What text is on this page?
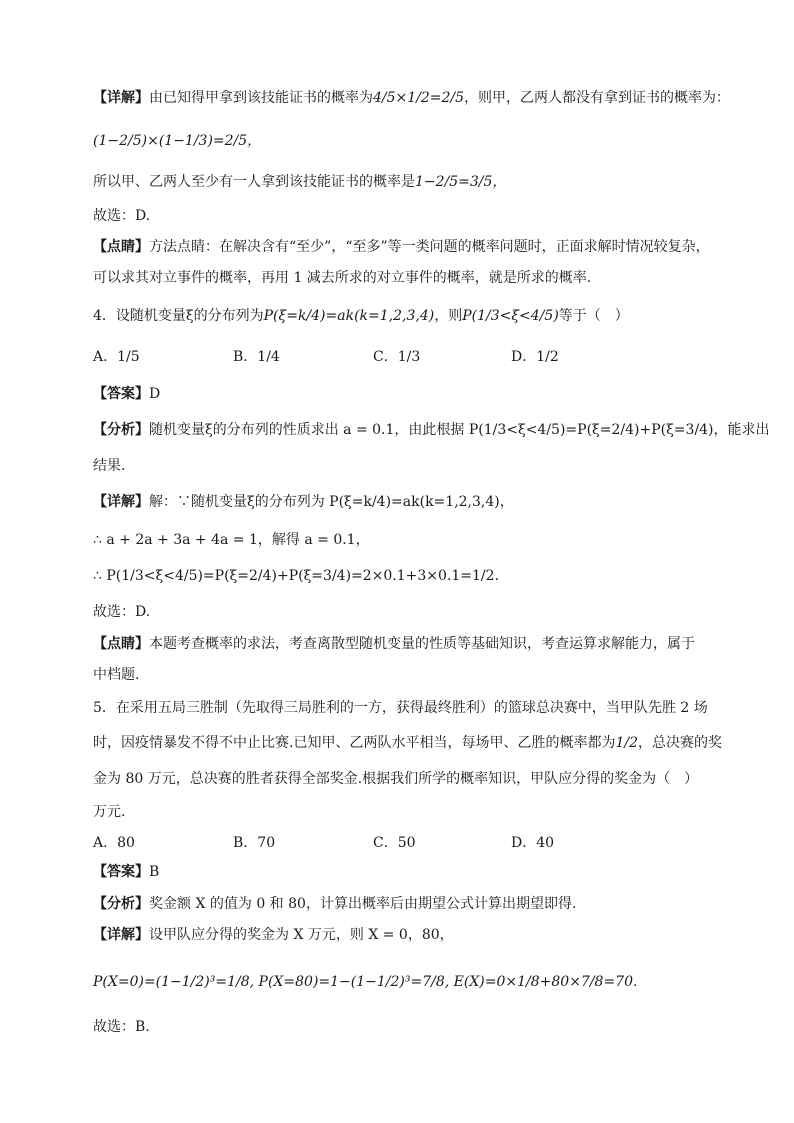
【详解】由已知得甲拿到该技能证书的概率为4/5×1/2=2/5，则甲，乙两人都没有拿到证书的概率为：
(1−2/5)×(1−1/3)=2/5，
所以甲、乙两人至少有一人拿到该技能证书的概率是1−2/5=3/5，
故选：D.
【点睛】方法点睛：在解决含有“至少”，“至多”等一类问题的概率问题时，正面求解时情况较复杂，
可以求其对立事件的概率，再用 1 减去所求的对立事件的概率，就是所求的概率.
4．设随机变量ξ的分布列为P(ξ=k/4)=ak(k=1,2,3,4)，则P(1/3<ξ<4/5)等于（　）
A．1/5	B．1/4	C．1/3	D．1/2
【答案】D
【分析】随机变量ξ的分布列的性质求出 a = 0.1，由此根据 P(1/3<ξ<4/5)=P(ξ=2/4)+P(ξ=3/4)，能求出
结果.
【详解】解：∵随机变量ξ的分布列为 P(ξ=k/4)=ak(k=1,2,3,4)，
∴ a + 2a + 3a + 4a = 1，解得 a = 0.1，
∴ P(1/3<ξ<4/5)=P(ξ=2/4)+P(ξ=3/4)=2×0.1+3×0.1=1/2.
故选：D.
【点睛】本题考查概率的求法，考查离散型随机变量的性质等基础知识，考查运算求解能力，属于
中档题.
5．在采用五局三胜制（先取得三局胜利的一方，获得最终胜利）的篮球总决赛中，当甲队先胜 2 场
时，因疫情暴发不得不中止比赛.已知甲、乙两队水平相当，每场甲、乙胜的概率都为1/2，总决赛的奖
金为 80 万元，总决赛的胜者获得全部奖金.根据我们所学的概率知识，甲队应分得的奖金为（　）
万元.
A．80	B．70	C．50	D．40
【答案】B
【分析】奖金额 X 的值为 0 和 80，计算出概率后由期望公式计算出期望即得.
【详解】设甲队应分得的奖金为 X 万元，则 X = 0，80，
P(X=0)=(1−1/2)³=1/8, P(X=80)=1−(1−1/2)³=7/8, E(X)=0×1/8+80×7/8=70.
故选：B.
